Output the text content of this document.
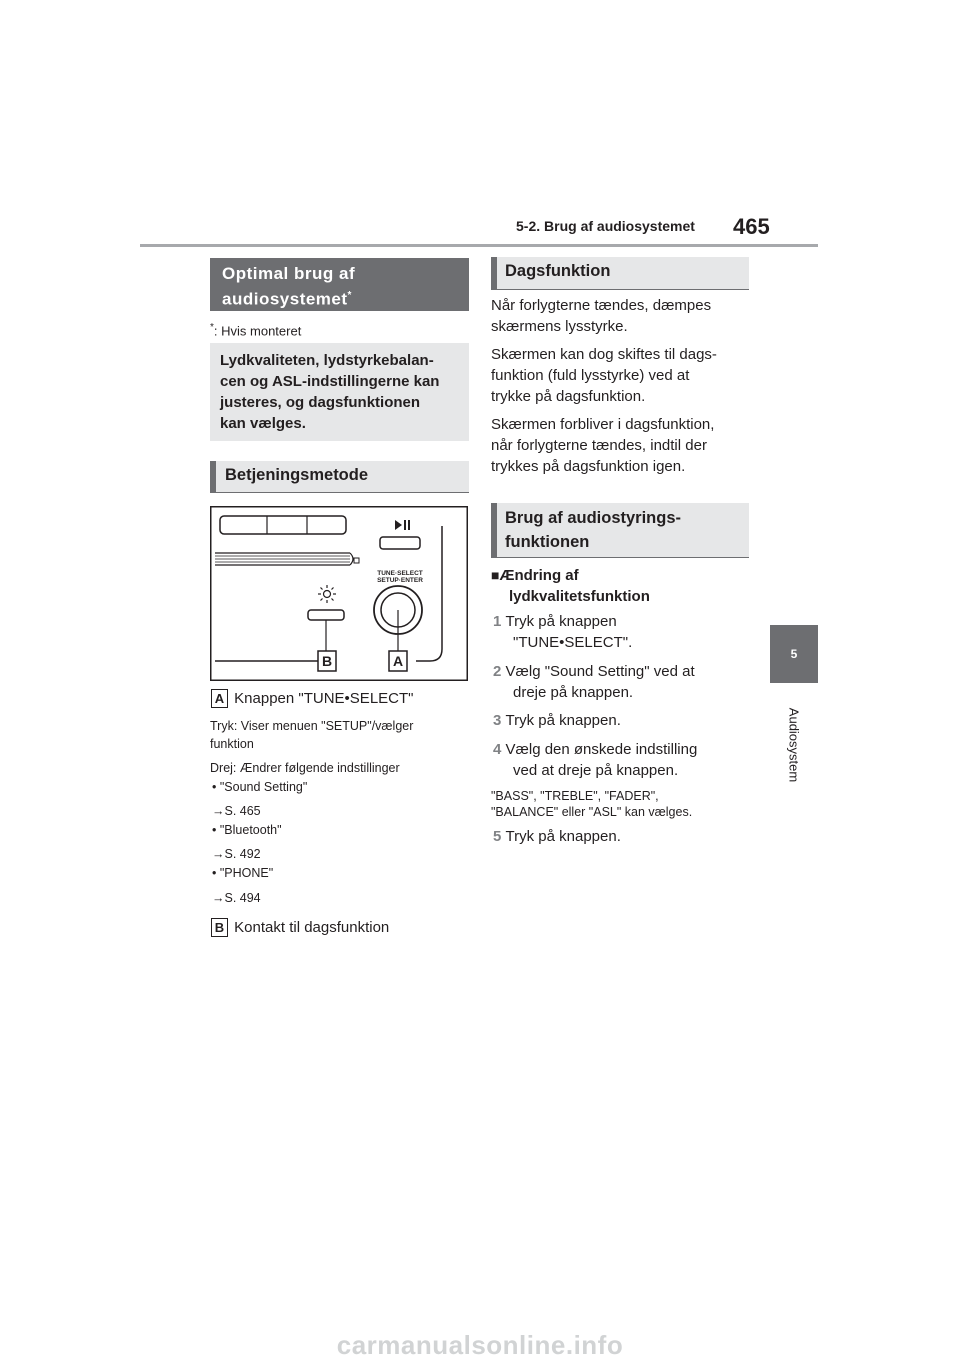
5-2. Brug af audiosystemet 465
5
Audiosystem
Optimal brug af
audiosystemet*
*: Hvis monteret
Lydkvaliteten, lydstyrkebalan-
cen og ASL-indstillingerne kan
justeres, og dagsfunktionen
kan vælges.
Betjeningsmetode
TUNE·SELECT
SETUP·ENTER
B	A
A Knappen "TUNE•SELECT"
Tryk: Viser menuen "SETUP"/vælger
funktion
Drej: Ændrer følgende indstillinger
• "Sound Setting"
→S. 465
• "Bluetooth"
→S. 492
• "PHONE"
→S. 494
B Kontakt til dagsfunktion
Dagsfunktion
Når forlygterne tændes, dæmpes
skærmens lysstyrke.
Skærmen kan dog skiftes til dags-
funktion (fuld lysstyrke) ved at
trykke på dagsfunktion.
Skærmen forbliver i dagsfunktion,
når forlygterne tændes, indtil der
trykkes på dagsfunktion igen.
Brug af audiostyrings-
funktionen
■Ændring af
lydkvalitetsfunktion
1 Tryk på knappen
"TUNE•SELECT".
2 Vælg "Sound Setting" ved at
dreje på knappen.
3 Tryk på knappen.
4 Vælg den ønskede indstilling
ved at dreje på knappen.
"BASS", "TREBLE", "FADER",
"BALANCE" eller "ASL" kan vælges.
5 Tryk på knappen.
carmanualsonline.info
